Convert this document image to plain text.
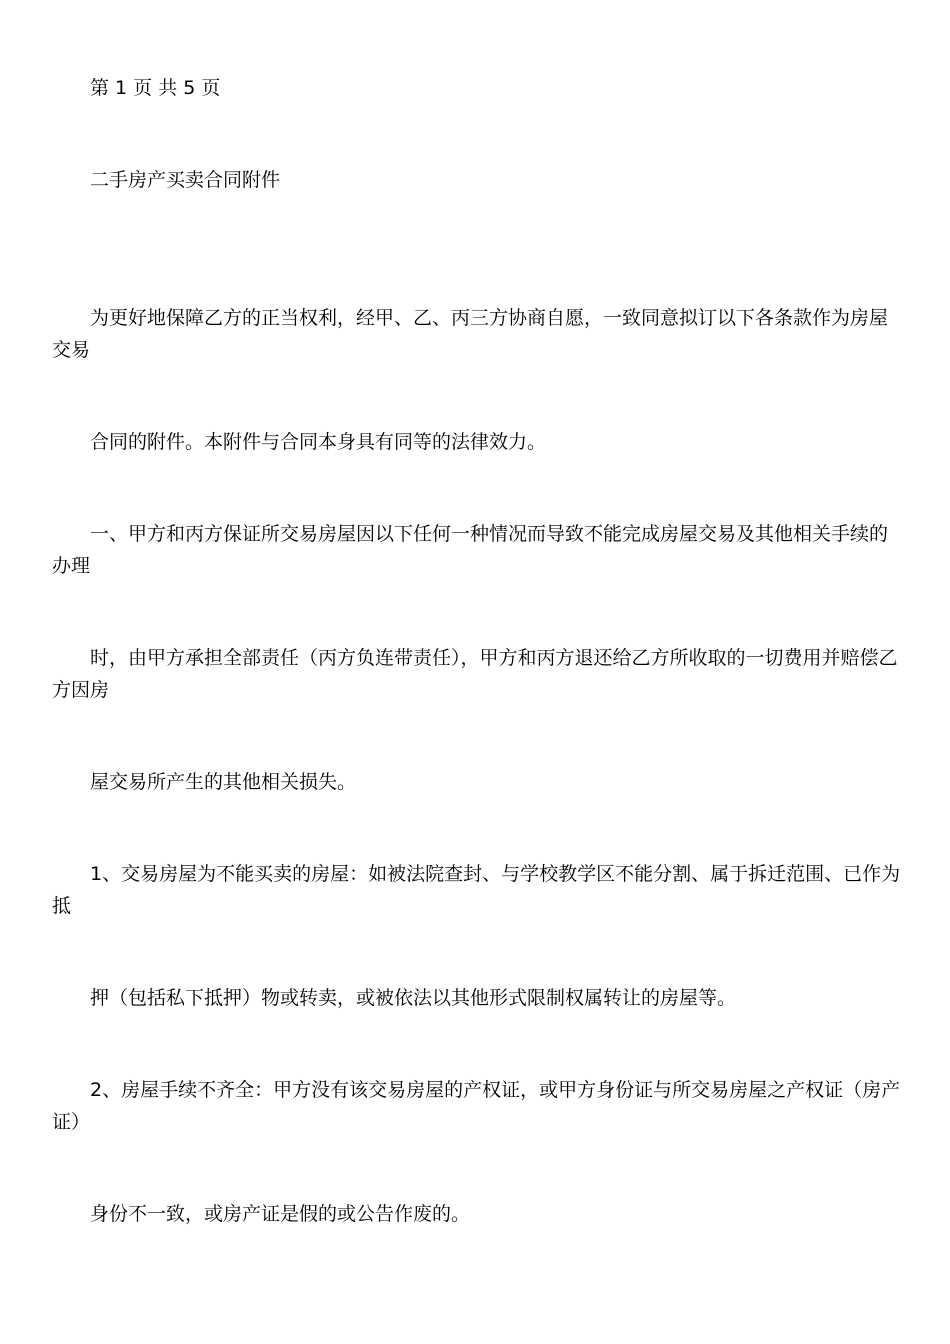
第 1 页 共 5 页
二手房产买卖合同附件
为更好地保障乙方的正当权利，经甲、乙、丙三方协商自愿，一致同意拟订以下各条款作为房屋交易
合同的附件。本附件与合同本身具有同等的法律效力。
一、甲方和丙方保证所交易房屋因以下任何一种情况而导致不能完成房屋交易及其他相关手续的办理
时，由甲方承担全部责任（丙方负连带责任），甲方和丙方退还给乙方所收取的一切费用并赔偿乙方因房
屋交易所产生的其他相关损失。
1、交易房屋为不能买卖的房屋：如被法院查封、与学校教学区不能分割、属于拆迁范围、已作为抵
押（包括私下抵押）物或转卖，或被依法以其他形式限制权属转让的房屋等。
2、房屋手续不齐全：甲方没有该交易房屋的产权证，或甲方身份证与所交易房屋之产权证（房产证）
身份不一致，或房产证是假的或公告作废的。
